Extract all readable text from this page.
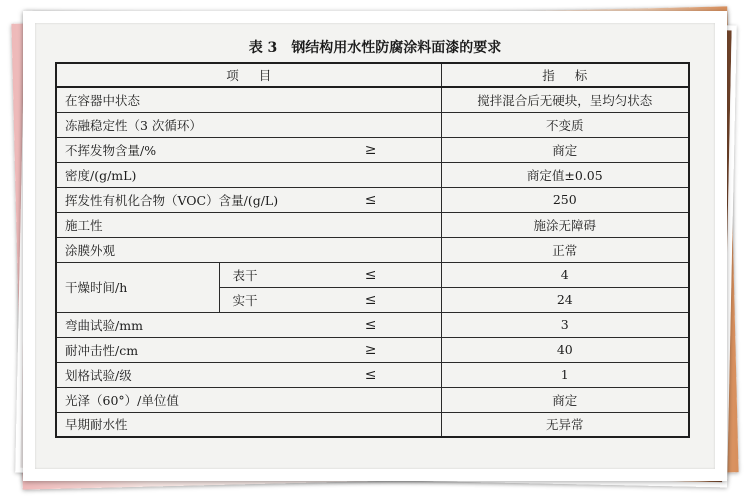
表 3 钢结构用水性防腐涂料面漆的要求
项 目		指 标
在容器中状态		搅拌混合后无硬块，呈均匀状态
冻融稳定性（3 次循环）		不变质
不挥发物含量/% ≥		商定
密度/(g/mL)		商定值±0.05
挥发性有机化合物（VOC）含量/(g/L) ≤		250
施工性		施涂无障碍
涂膜外观		正常
干燥时间/h	表干 ≤	4
	实干 ≤	24
弯曲试验/mm ≤		3
耐冲击性/cm ≥		40
划格试验/级 ≤		1
光泽（60°）/单位值		商定
早期耐水性		无异常
